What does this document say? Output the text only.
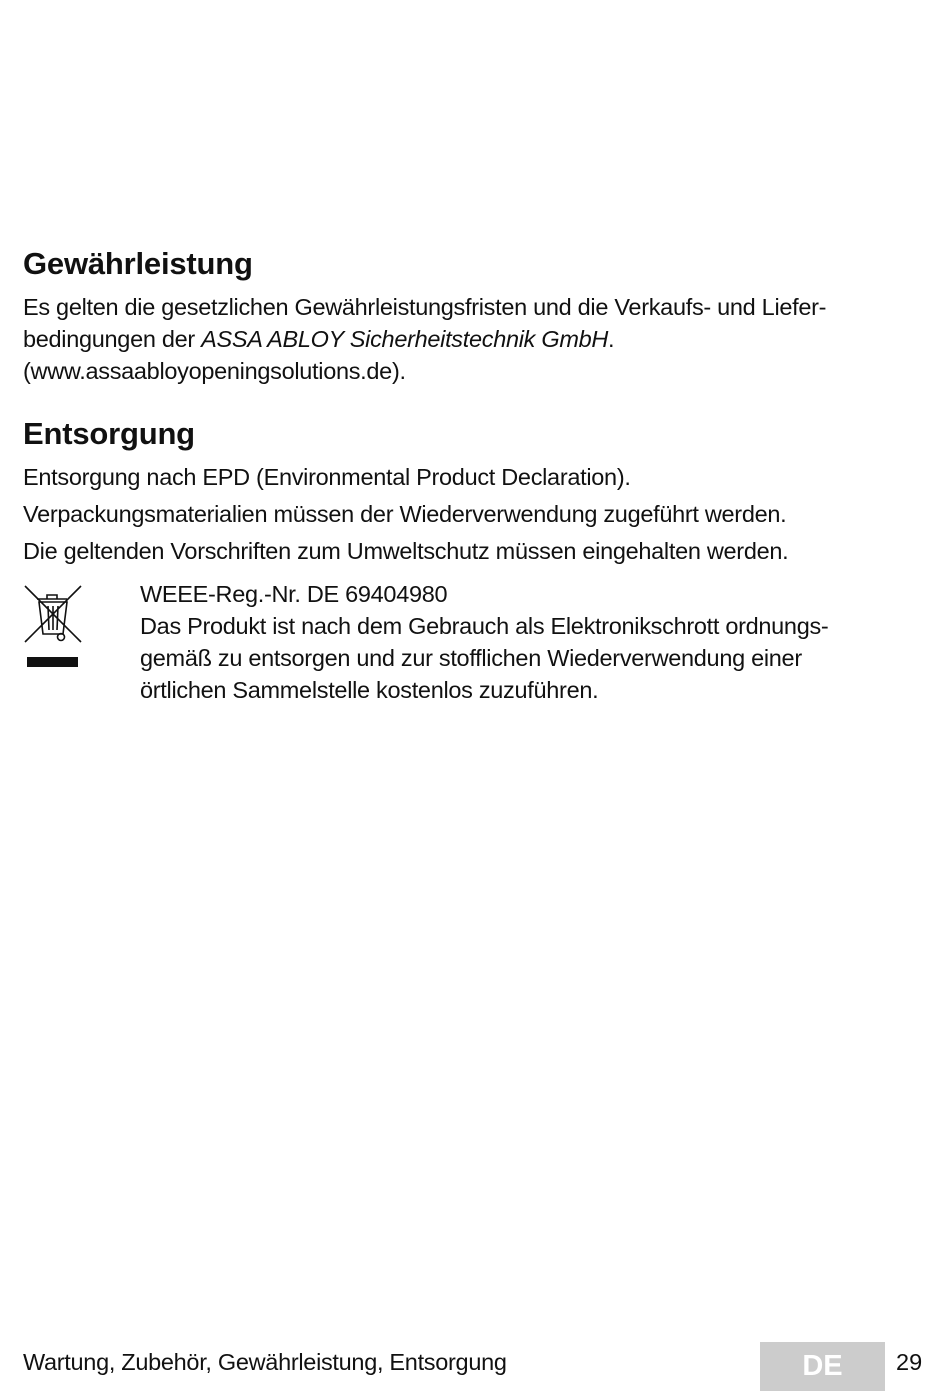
Gewährleistung

Es gelten die gesetzlichen Gewährleistungsfristen und die Verkaufs- und Liefer-
bedingungen der ASSA ABLOY Sicherheitstechnik GmbH.
(www.assaabloyopeningsolutions.de).

Entsorgung
Entsorgung nach EPD (Environmental Product Declaration).
Verpackungsmaterialien müssen der Wiederverwendung zugeführt werden.
Die geltenden Vorschriften zum Umweltschutz müssen eingehalten werden.
WEEE-Reg.-Nr. DE 69404980
Das Produkt ist nach dem Gebrauch als Elektronikschrott ordnungs-
gemäß zu entsorgen und zur stofflichen Wiederverwendung einer
örtlichen Sammelstelle kostenlos zuzuführen.
Wartung, Zubehör, Gewährleistung, Entsorgung	DE	29
